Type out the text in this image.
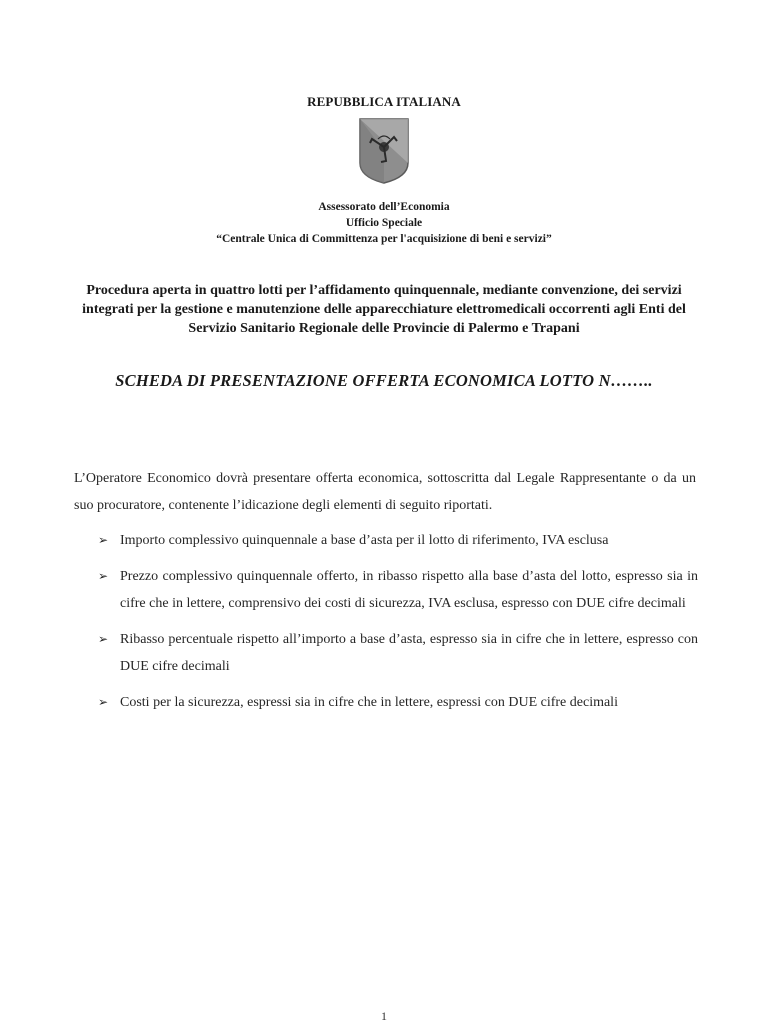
REPUBBLICA ITALIANA
Assessorato dell’Economia
Ufficio Speciale
“Centrale Unica di Committenza per l'acquisizione di beni e servizi”
Procedura aperta in quattro lotti per l’affidamento quinquennale, mediante convenzione, dei servizi integrati per la gestione e manutenzione delle apparecchiature elettromedicali occorrenti agli Enti del Servizio Sanitario Regionale delle Provincie di Palermo e Trapani
SCHEDA DI PRESENTAZIONE OFFERTA ECONOMICA LOTTO N……..
L’Operatore Economico dovrà presentare offerta economica, sottoscritta dal Legale Rappresentante o da un suo procuratore, contenente l’idicazione degli elementi di seguito riportati.
➢ Importo complessivo quinquennale a base d’asta per il lotto di riferimento, IVA esclusa
➢ Prezzo complessivo quinquennale offerto, in ribasso rispetto alla base d’asta del lotto, espresso sia in cifre che in lettere, comprensivo dei costi di sicurezza, IVA esclusa, espresso con DUE cifre decimali
➢ Ribasso percentuale rispetto all’importo a base d’asta, espresso sia in cifre che in lettere, espresso con DUE cifre decimali
➢ Costi per la sicurezza, espressi sia in cifre che in lettere, espressi con DUE cifre decimali
1
